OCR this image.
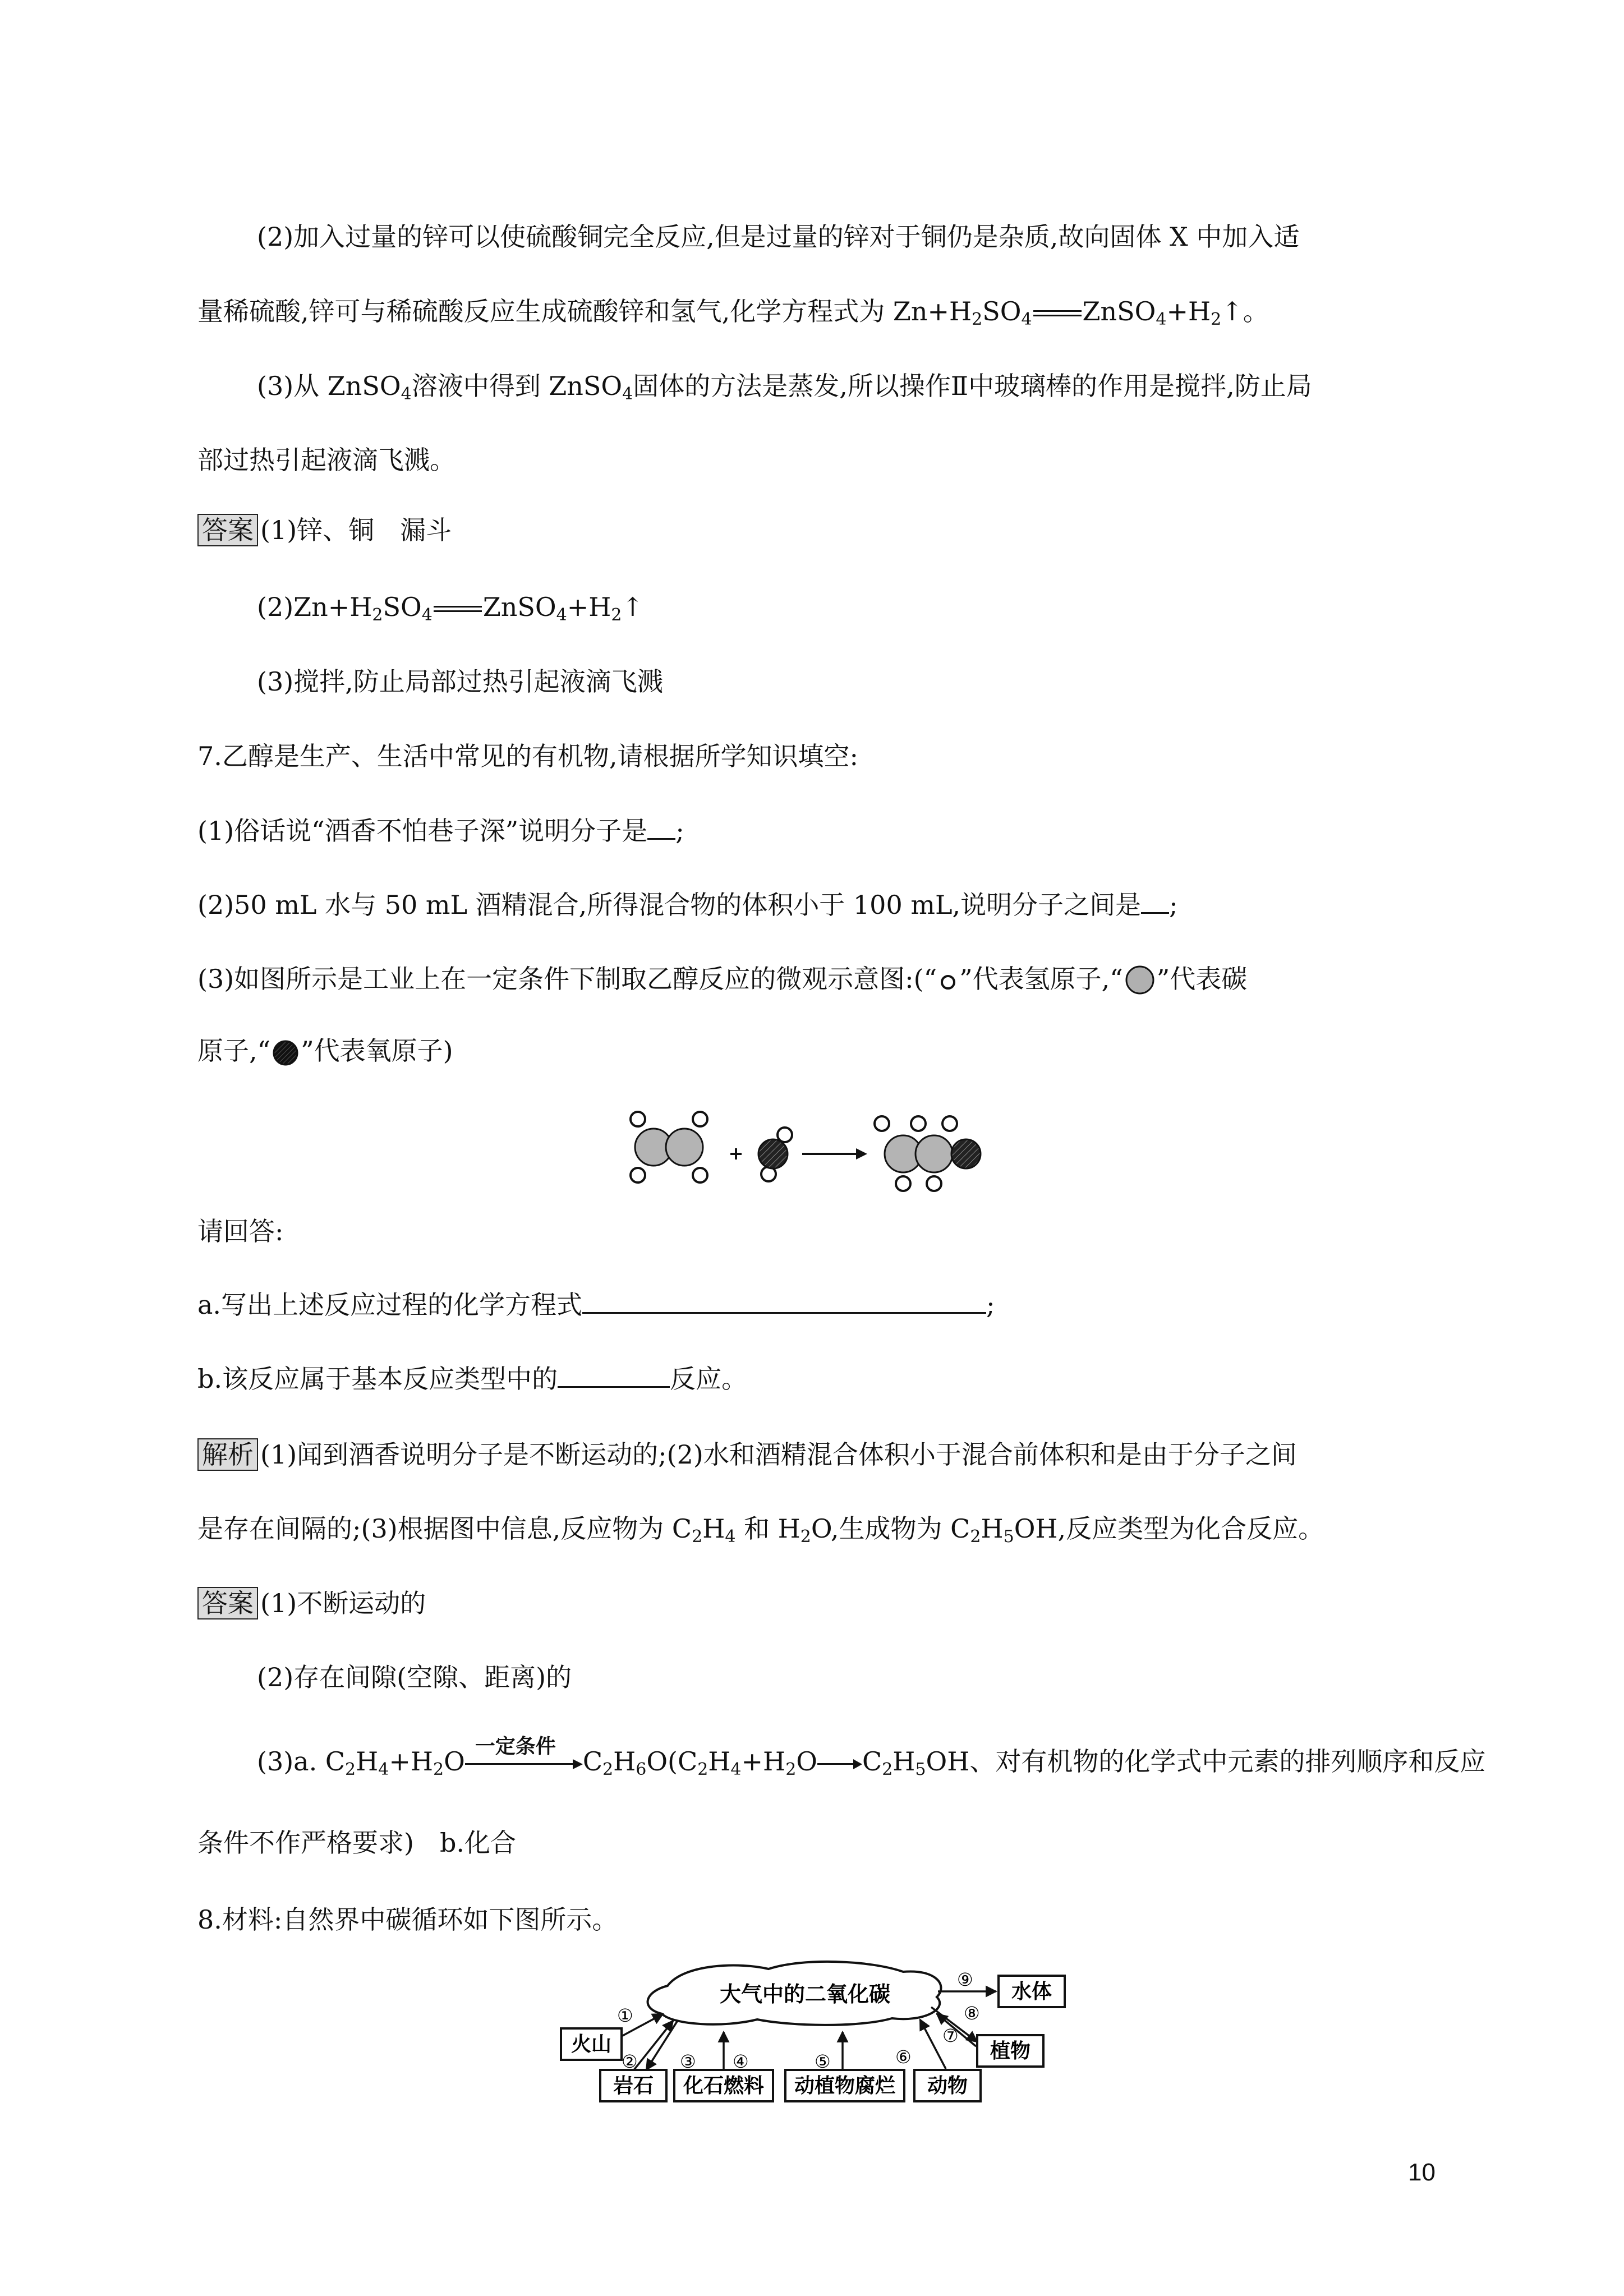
(2)加入过量的锌可以使硫酸铜完全反应,但是过量的锌对于铜仍是杂质,故向固体 X 中加入适
量稀硫酸,锌可与稀硫酸反应生成硫酸锌和氢气,化学方程式为 $Zn+H_2SO_4$ $ZnSO_4+H_2↑$。
(3)从 ZnSO$_4$溶液中得到 ZnSO$_4$固体的方法是蒸发,所以操作Ⅱ中玻璃棒的作用是搅拌,防止局
部过热引起液滴飞溅。
答案 (1)锌、铜　漏斗
$(2)Zn+H_2SO_4$ $ZnSO_4+H_2↑$
(3)搅拌,防止局部过热引起液滴飞溅
7.乙醇是生产、生活中常见的有机物,请根据所学知识填空:
(1)俗话说“酒香不怕巷子深”说明分子是 ;
(2)50 mL 水与 50 mL 酒精混合,所得混合物的体积小于 100 mL,说明分子之间是 ;
(3)如图所示是工业上在一定条件下制取乙醇反应的微观示意图:(“ ”代表氢原子,“ ”代表碳
原子,“ ”代表氧原子)
请回答:
a.写出上述反应过程的化学方程式	;
b.该反应属于基本反应类型中的	反应。
解析 (1)闻到酒香说明分子是不断运动的;(2)水和酒精混合体积小于混合前体积和是由于分子之间
是存在间隔的;(3)根据图中信息,反应物为 $C_2H_4$ 和 $H_2O$,生成物为 $C_2H_5OH$,反应类型为化合反应。
答案 (1)不断运动的
(2)存在间隙(空隙、距离)的
(3)a. $C_2H_4+H_2O$ 一定条件 $C_2H_6O(C_2H_4+H_2O$ $C_2H_5OH$、对有机物的化学式中元素的排列顺序和反应
条件不作严格要求)　b.化合
8.材料:自然界中碳循环如下图所示。
大气中的二氧化碳	水体
植物
火山
岩石 化石燃料 动植物腐烂 动物
①
② ③ ④	⑤	⑥
⑦
⑧
⑨
10
